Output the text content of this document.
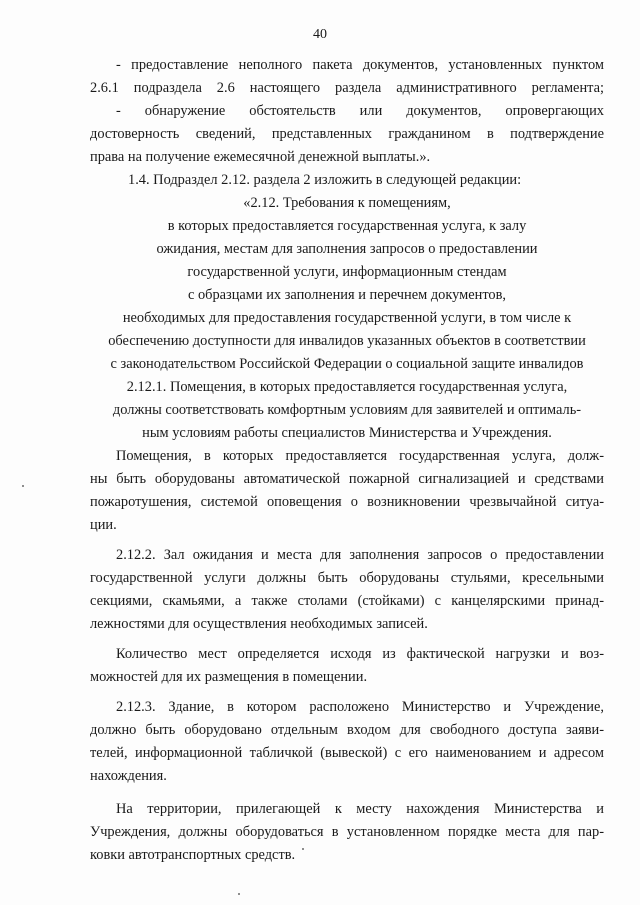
40

- предоставление неполного пакета документов, установленных пунктом

2.6.1 подраздела 2.6 настоящего раздела административного регламента;

- обнаружение обстоятельств или документов, опровергающих

достоверность сведений, представленных гражданином в подтверждение

права на получение ежемесячной денежной выплаты.».

1.4. Подраздел 2.12. раздела 2 изложить в следующей редакции:

«2.12. Требования к помещениям,

в которых предоставляется государственная услуга, к залу

ожидания, местам для заполнения запросов о предоставлении

государственной услуги, информационным стендам

с образцами их заполнения и перечнем документов,

необходимых для предоставления государственной услуги, в том числе к

обеспечению доступности для инвалидов указанных объектов в соответствии

с законодательством Российской Федерации о социальной защите инвалидов

2.12.1. Помещения, в которых предоставляется государственная услуга,

должны соответствовать комфортным условиям для заявителей и оптималь-

ным условиям работы специалистов Министерства и Учреждения.

Помещения, в которых предоставляется государственная услуга, долж-

ны быть оборудованы автоматической пожарной сигнализацией и средствами

пожаротушения, системой оповещения о возникновении чрезвычайной ситуа-

ции.

2.12.2. Зал ожидания и места для заполнения запросов о предоставлении

государственной услуги должны быть оборудованы стульями, кресельными

секциями, скамьями, а также столами (стойками) с канцелярскими принад-

лежностями для осуществления необходимых записей.

Количество мест определяется исходя из фактической нагрузки и воз-

можностей для их размещения в помещении.

2.12.3. Здание, в котором расположено Министерство и Учреждение,

должно быть оборудовано отдельным входом для свободного доступа заяви-

телей, информационной табличкой (вывеской) с его наименованием и адресом

нахождения.

На территории, прилегающей к месту нахождения Министерства и

Учреждения, должны оборудоваться в установленном порядке места для пар-

ковки автотранспортных средств.
